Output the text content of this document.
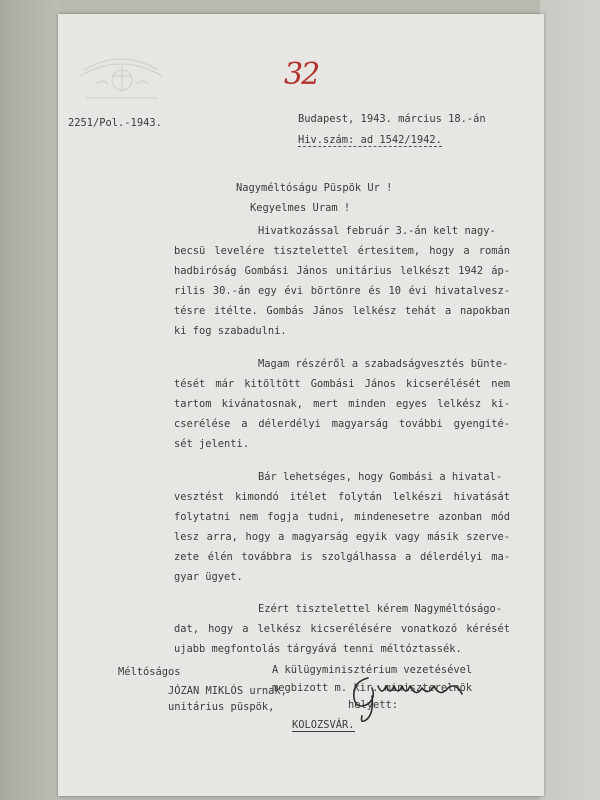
32
2251/Pol.-1943.	Budapest, 1943. március 18.-án
Hiv.szám: ad 1542/1942.
Nagyméltóságu Püspök Ur !
Kegyelmes Uram !
Hivatkozással február 3.-án kelt nagy-
becsü levelére tisztelettel értesitem, hogy a román
hadbiróság Gombási János unitárius lelkészt 1942 áp-
rilis 30.-án egy évi börtönre és 10 évi hivatalvesz-
tésre itélte. Gombás János lelkész tehát a napokban
ki fog szabadulni.
Magam részéről a szabadságvesztés bünte-
tését már kitöltött Gombási János kicserélését nem
tartom kivánatosnak, mert minden egyes lelkész ki-
cserélése a délerdélyi magyarság további gyengité-
sét jelenti.
Bár lehetséges, hogy Gombási a hivatal-
vesztést kimondó itélet folytán lelkészi hivatását
folytatni nem fogja tudni, mindenesetre azonban mód
lesz arra, hogy a magyarság egyik vagy másik szerve-
zete élén továbbra is szolgálhassa a délerdélyi ma-
gyar ügyet.
Ezért tisztelettel kérem Nagyméltóságo-
dat, hogy a lelkész kicserélésére vonatkozó kérését
ujabb megfontolás tárgyává tenni méltóztassék.
A külügyminisztérium vezetésével
megbizott m. kir. miniszterelnök
helyett:
Méltóságos
JÓZAN MIKLÓS urnak,
unitárius püspök,
KOLOZSVÁR.
